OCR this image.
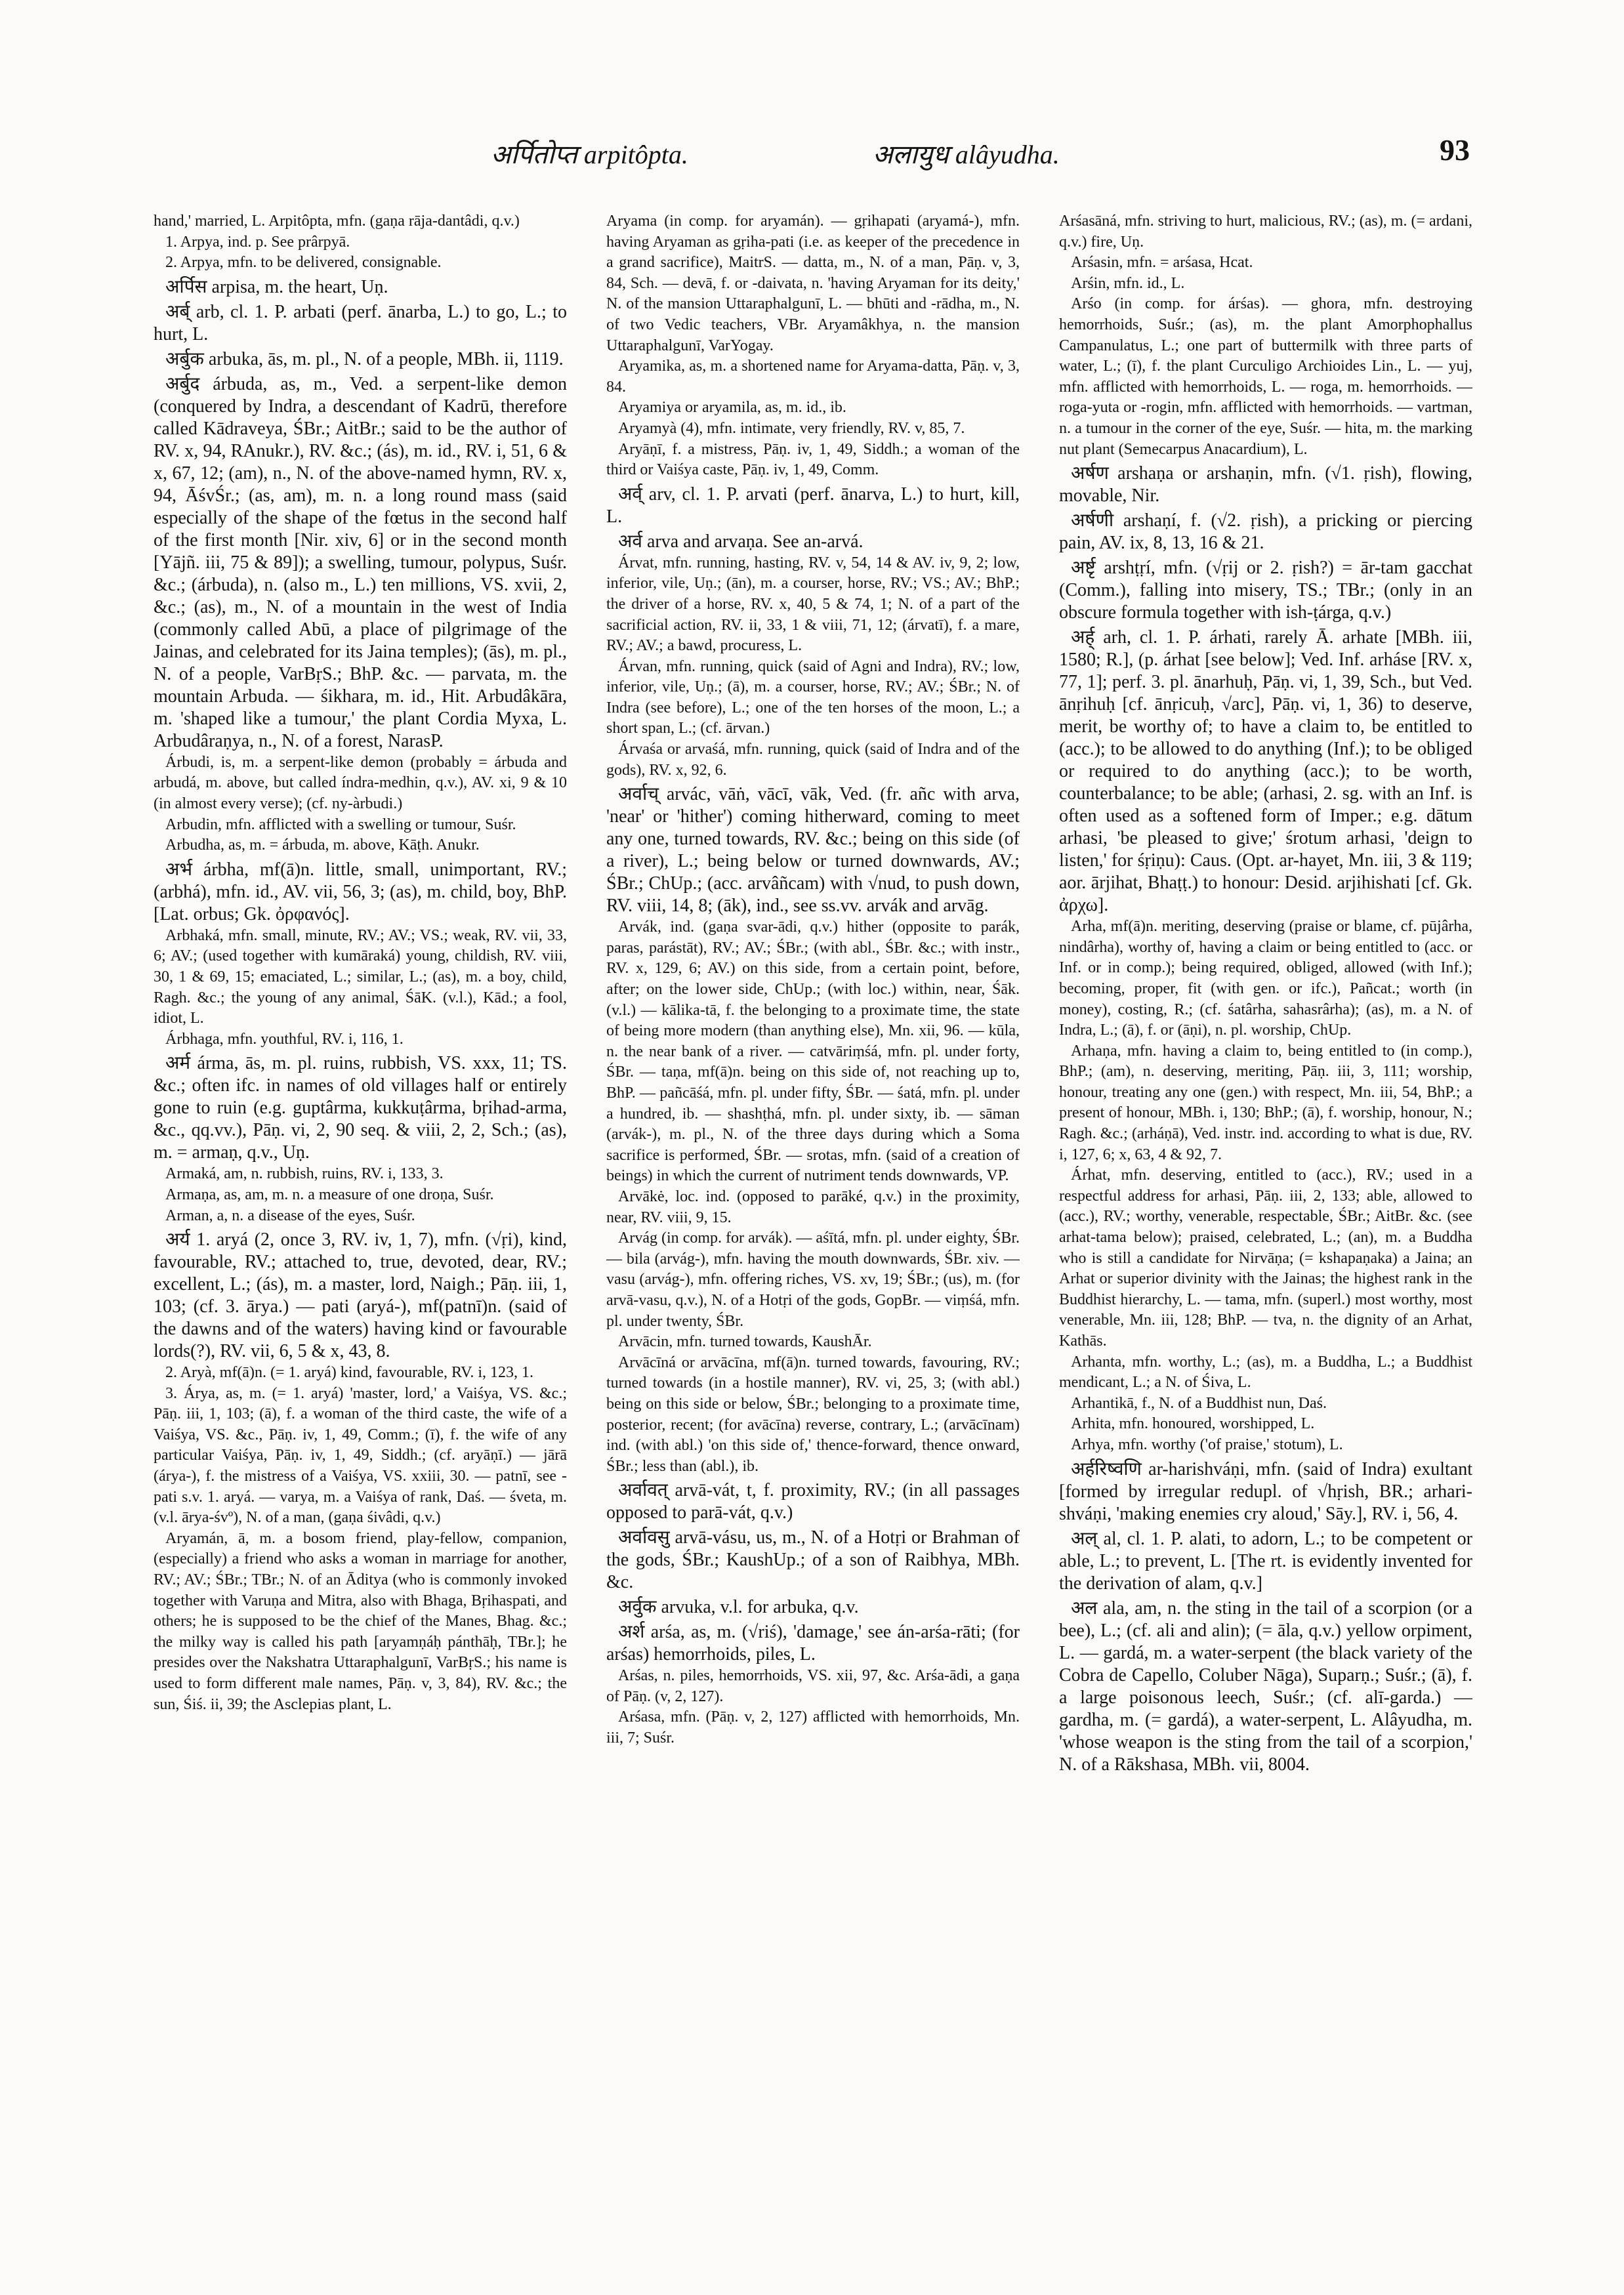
अर्पितोप्त arpitôpta.	अलायुध alâyudha.	93

hand,' married, L. Arpitôpta, mfn. (gaṇa rāja-dantâdi, q.v.)

1. Arpya, ind. p. See prârpyā.

2. Arpya, mfn. to be delivered, consignable.

अर्पिस arpisa, m. the heart, Uṇ.

अर्ब् arb, cl. 1. P. arbati (perf. ānarba, L.) to go, L.; to hurt, L.

अर्बुक arbuka, ās, m. pl., N. of a people, MBh. ii, 1119.

अर्बुद árbuda, as, m., Ved. a serpent-like demon (conquered by Indra, a descendant of Kadrū, therefore called Kādraveya, ŚBr.; AitBr.; said to be the author of RV. x, 94, RAnukr.), RV. &c.; (ás), m. id., RV. i, 51, 6 & x, 67, 12; (am), n., N. of the above-named hymn, RV. x, 94, ĀśvŚr.; (as, am), m. n. a long round mass (said especially of the shape of the fœtus in the second half of the first month [Nir. xiv, 6] or in the second month [Yājñ. iii, 75 & 89]); a swelling, tumour, polypus, Suśr. &c.; (árbuda), n. (also m., L.) ten millions, VS. xvii, 2, &c.; (as), m., N. of a mountain in the west of India (commonly called Abū, a place of pilgrimage of the Jainas, and celebrated for its Jaina temples); (ās), m. pl., N. of a people, VarBṛS.; BhP. &c. — parvata, m. the mountain Arbuda. — śikhara, m. id., Hit. Arbudâkāra, m. 'shaped like a tumour,' the plant Cordia Myxa, L. Arbudâraṇya, n., N. of a forest, NarasP.

Árbudi, is, m. a serpent-like demon (probably = árbuda and arbudá, m. above, but called índra-medhin, q.v.), AV. xi, 9 & 10 (in almost every verse); (cf. ny-àrbudi.)

Arbudin, mfn. afflicted with a swelling or tumour, Suśr.

Arbudha, as, m. = árbuda, m. above, Kāṭh. Anukr.

अर्भ árbha, mf(ā)n. little, small, unimportant, RV.; (arbhá), mfn. id., AV. vii, 56, 3; (as), m. child, boy, BhP. [Lat. orbus; Gk. ὀρφανός].

Arbhaká, mfn. small, minute, RV.; AV.; VS.; weak, RV. vii, 33, 6; AV.; (used together with kumāraká) young, childish, RV. viii, 30, 1 & 69, 15; emaciated, L.; similar, L.; (as), m. a boy, child, Ragh. &c.; the young of any animal, ŚāK. (v.l.), Kād.; a fool, idiot, L.

Árbhaga, mfn. youthful, RV. i, 116, 1.

अर्म árma, ās, m. pl. ruins, rubbish, VS. xxx, 11; TS. &c.; often ifc. in names of old villages half or entirely gone to ruin (e.g. guptârma, kukkuṭârma, bṛihad-arma, &c., qq.vv.), Pāṇ. vi, 2, 90 seq. & viii, 2, 2, Sch.; (as), m. = armaṇ, q.v., Uṇ.

Armaká, am, n. rubbish, ruins, RV. i, 133, 3.

Armaṇa, as, am, m. n. a measure of one droṇa, Suśr.

Arman, a, n. a disease of the eyes, Suśr.

अर्य 1. aryá (2, once 3, RV. iv, 1, 7), mfn. (√ṛi), kind, favourable, RV.; attached to, true, devoted, dear, RV.; excellent, L.; (ás), m. a master, lord, Naigh.; Pāṇ. iii, 1, 103; (cf. 3. ārya.) — pati (aryá-), mf(patnī)n. (said of the dawns and of the waters) having kind or favourable lords(?), RV. vii, 6, 5 & x, 43, 8.

2. Aryà, mf(ā)n. (= 1. aryá) kind, favourable, RV. i, 123, 1.

3. Árya, as, m. (= 1. aryá) 'master, lord,' a Vaiśya, VS. &c.; Pāṇ. iii, 1, 103; (ā), f. a woman of the third caste, the wife of a Vaiśya, VS. &c., Pāṇ. iv, 1, 49, Comm.; (ī), f. the wife of any particular Vaiśya, Pāṇ. iv, 1, 49, Siddh.; (cf. aryāṇī.) — jārā (árya-), f. the mistress of a Vaiśya, VS. xxiii, 30. — patnī, see -pati s.v. 1. aryá. — varya, m. a Vaiśya of rank, Daś. — śveta, m. (v.l. ārya-śvº), N. of a man, (gaṇa śivâdi, q.v.)

Aryamán, ā, m. a bosom friend, play-fellow, companion, (especially) a friend who asks a woman in marriage for another, RV.; AV.; ŚBr.; TBr.; N. of an Āditya (who is commonly invoked together with Varuṇa and Mitra, also with Bhaga, Bṛihaspati, and others; he is supposed to be the chief of the Manes, Bhag. &c.; the milky way is called his path [aryamṇáḥ pánthāḥ, TBr.]; he presides over the Nakshatra Uttaraphalgunī, VarBṛS.; his name is used to form different male names, Pāṇ. v, 3, 84), RV. &c.; the sun, Śiś. ii, 39; the Asclepias plant, L.

Aryama (in comp. for aryamán). — gṛihapati (aryamá-), mfn. having Aryaman as gṛiha-pati (i.e. as keeper of the precedence in a grand sacrifice), MaitrS. — datta, m., N. of a man, Pāṇ. v, 3, 84, Sch. — devā, f. or -daivata, n. 'having Aryaman for its deity,' N. of the mansion Uttaraphalgunī, L. — bhūti and -rādha, m., N. of two Vedic teachers, VBr. Aryamâkhya, n. the mansion Uttaraphalgunī, VarYogay.

Aryamika, as, m. a shortened name for Aryama-datta, Pāṇ. v, 3, 84.

Aryamiya or aryamila, as, m. id., ib.

Aryamyà (4), mfn. intimate, very friendly, RV. v, 85, 7.

Aryāṇī, f. a mistress, Pāṇ. iv, 1, 49, Siddh.; a woman of the third or Vaiśya caste, Pāṇ. iv, 1, 49, Comm.

अर्व् arv, cl. 1. P. arvati (perf. ānarva, L.) to hurt, kill, L.

अर्व arva and arvaṇa. See an-arvá.

Árvat, mfn. running, hasting, RV. v, 54, 14 & AV. iv, 9, 2; low, inferior, vile, Uṇ.; (ān), m. a courser, horse, RV.; VS.; AV.; BhP.; the driver of a horse, RV. x, 40, 5 & 74, 1; N. of a part of the sacrificial action, RV. ii, 33, 1 & viii, 71, 12; (árvatī), f. a mare, RV.; AV.; a bawd, procuress, L.

Árvan, mfn. running, quick (said of Agni and Indra), RV.; low, inferior, vile, Uṇ.; (ā), m. a courser, horse, RV.; AV.; ŚBr.; N. of Indra (see before), L.; one of the ten horses of the moon, L.; a short span, L.; (cf. ārvan.)

Árvaśa or arvaśá, mfn. running, quick (said of Indra and of the gods), RV. x, 92, 6.

अर्वाच् arvác, vāṅ, vācī, vāk, Ved. (fr. añc with arva, 'near' or 'hither') coming hitherward, coming to meet any one, turned towards, RV. &c.; being on this side (of a river), L.; being below or turned downwards, AV.; ŚBr.; ChUp.; (acc. arvâñcam) with √nud, to push down, RV. viii, 14, 8; (āk), ind., see ss.vv. arvák and arvāg.

Arvák, ind. (gaṇa svar-ādi, q.v.) hither (opposite to parák, paras, parástāt), RV.; AV.; ŚBr.; (with abl., ŚBr. &c.; with instr., RV. x, 129, 6; AV.) on this side, from a certain point, before, after; on the lower side, ChUp.; (with loc.) within, near, Śāk. (v.l.) — kālika-tā, f. the belonging to a proximate time, the state of being more modern (than anything else), Mn. xii, 96. — kūla, n. the near bank of a river. — catvāriṃśá, mfn. pl. under forty, ŚBr. — taṇa, mf(ā)n. being on this side of, not reaching up to, BhP. — pañcāśá, mfn. pl. under fifty, ŚBr. — śatá, mfn. pl. under a hundred, ib. — shashṭhá, mfn. pl. under sixty, ib. — sāman (arvák-), m. pl., N. of the three days during which a Soma sacrifice is performed, ŚBr. — srotas, mfn. (said of a creation of beings) in which the current of nutriment tends downwards, VP.

Arvākė, loc. ind. (opposed to parāké, q.v.) in the proximity, near, RV. viii, 9, 15.

Arvág (in comp. for arvák). — aśītá, mfn. pl. under eighty, ŚBr. — bila (arvág-), mfn. having the mouth downwards, ŚBr. xiv. — vasu (arvág-), mfn. offering riches, VS. xv, 19; ŚBr.; (us), m. (for arvā-vasu, q.v.), N. of a Hotṛi of the gods, GopBr. — viṃśá, mfn. pl. under twenty, ŚBr.

Arvācin, mfn. turned towards, KaushĀr.

Arvācīná or arvācīna, mf(ā)n. turned towards, favouring, RV.; turned towards (in a hostile manner), RV. vi, 25, 3; (with abl.) being on this side or below, ŚBr.; belonging to a proximate time, posterior, recent; (for avācīna) reverse, contrary, L.; (arvācīnam) ind. (with abl.) 'on this side of,' thence-forward, thence onward, ŚBr.; less than (abl.), ib.

अर्वावत् arvā-vát, t, f. proximity, RV.; (in all passages opposed to parā-vát, q.v.)

अर्वावसु arvā-vásu, us, m., N. of a Hotṛi or Brahman of the gods, ŚBr.; KaushUp.; of a son of Raibhya, MBh. &c.

अर्वुक arvuka, v.l. for arbuka, q.v.

अर्श arśa, as, m. (√riś), 'damage,' see án-arśa-rāti; (for arśas) hemorrhoids, piles, L.

Arśas, n. piles, hemorrhoids, VS. xii, 97, &c. Arśa-ādi, a gaṇa of Pāṇ. (v, 2, 127).

Arśasa, mfn. (Pāṇ. v, 2, 127) afflicted with hemorrhoids, Mn. iii, 7; Suśr.

Arśasāná, mfn. striving to hurt, malicious, RV.; (as), m. (= ardani, q.v.) fire, Uṇ.

Arśasin, mfn. = arśasa, Hcat.

Arśin, mfn. id., L.

Arśo (in comp. for árśas). — ghora, mfn. destroying hemorrhoids, Suśr.; (as), m. the plant Amorphophallus Campanulatus, L.; one part of buttermilk with three parts of water, L.; (ī), f. the plant Curculigo Archioides Lin., L. — yuj, mfn. afflicted with hemorrhoids, L. — roga, m. hemorrhoids. — roga-yuta or -rogin, mfn. afflicted with hemorrhoids. — vartman, n. a tumour in the corner of the eye, Suśr. — hita, m. the marking nut plant (Semecarpus Anacardium), L.

अर्षण arshaṇa or arshaṇin, mfn. (√1. ṛish), flowing, movable, Nir.

अर्षणी arshaṇí, f. (√2. ṛish), a pricking or piercing pain, AV. ix, 8, 13, 16 & 21.

अर्ष्टृ arshṭṛí, mfn. (√ṛij or 2. ṛish?) = ār-tam gacchat (Comm.), falling into misery, TS.; TBr.; (only in an obscure formula together with ish-ṭárga, q.v.)

अर्ह् arh, cl. 1. P. árhati, rarely Ā. arhate [MBh. iii, 1580; R.], (p. árhat [see below]; Ved. Inf. arháse [RV. x, 77, 1]; perf. 3. pl. ānarhuḥ, Pāṇ. vi, 1, 39, Sch., but Ved. ānṛihuḥ [cf. ānṛicuḥ, √arc], Pāṇ. vi, 1, 36) to deserve, merit, be worthy of; to have a claim to, be entitled to (acc.); to be allowed to do anything (Inf.); to be obliged or required to do anything (acc.); to be worth, counterbalance; to be able; (arhasi, 2. sg. with an Inf. is often used as a softened form of Imper.; e.g. dātum arhasi, 'be pleased to give;' śrotum arhasi, 'deign to listen,' for śṛiṇu): Caus. (Opt. ar-hayet, Mn. iii, 3 & 119; aor. ārjihat, Bhaṭṭ.) to honour: Desid. arjihishati [cf. Gk. ἀρχω].

Arha, mf(ā)n. meriting, deserving (praise or blame, cf. pūjârha, nindârha), worthy of, having a claim or being entitled to (acc. or Inf. or in comp.); being required, obliged, allowed (with Inf.); becoming, proper, fit (with gen. or ifc.), Pañcat.; worth (in money), costing, R.; (cf. śatârha, sahasrârha); (as), m. a N. of Indra, L.; (ā), f. or (āṇi), n. pl. worship, ChUp.

Arhaṇa, mfn. having a claim to, being entitled to (in comp.), BhP.; (am), n. deserving, meriting, Pāṇ. iii, 3, 111; worship, honour, treating any one (gen.) with respect, Mn. iii, 54, BhP.; a present of honour, MBh. i, 130; BhP.; (ā), f. worship, honour, N.; Ragh. &c.; (arháṇā), Ved. instr. ind. according to what is due, RV. i, 127, 6; x, 63, 4 & 92, 7.

Árhat, mfn. deserving, entitled to (acc.), RV.; used in a respectful address for arhasi, Pāṇ. iii, 2, 133; able, allowed to (acc.), RV.; worthy, venerable, respectable, ŚBr.; AitBr. &c. (see arhat-tama below); praised, celebrated, L.; (an), m. a Buddha who is still a candidate for Nirvāṇa; (= kshapaṇaka) a Jaina; an Arhat or superior divinity with the Jainas; the highest rank in the Buddhist hierarchy, L. — tama, mfn. (superl.) most worthy, most venerable, Mn. iii, 128; BhP. — tva, n. the dignity of an Arhat, Kathās.

Arhanta, mfn. worthy, L.; (as), m. a Buddha, L.; a Buddhist mendicant, L.; a N. of Śiva, L.

Arhantikā, f., N. of a Buddhist nun, Daś.

Arhita, mfn. honoured, worshipped, L.

Arhya, mfn. worthy ('of praise,' stotum), L.

अर्हरिष्वणि ar-harishváṇi, mfn. (said of Indra) exultant [formed by irregular redupl. of √hṛish, BR.; arhari-shváṇi, 'making enemies cry aloud,' Sāy.], RV. i, 56, 4.

अल् al, cl. 1. P. alati, to adorn, L.; to be competent or able, L.; to prevent, L. [The rt. is evidently invented for the derivation of alam, q.v.]

अल ala, am, n. the sting in the tail of a scorpion (or a bee), L.; (cf. ali and alin); (= āla, q.v.) yellow orpiment, L. — gardá, m. a water-serpent (the black variety of the Cobra de Capello, Coluber Nāga), Suparṇ.; Suśr.; (ā), f. a large poisonous leech, Suśr.; (cf. alī-garda.) — gardha, m. (= gardá), a water-serpent, L. Alâyudha, m. 'whose weapon is the sting from the tail of a scorpion,' N. of a Rākshasa, MBh. vii, 8004.
